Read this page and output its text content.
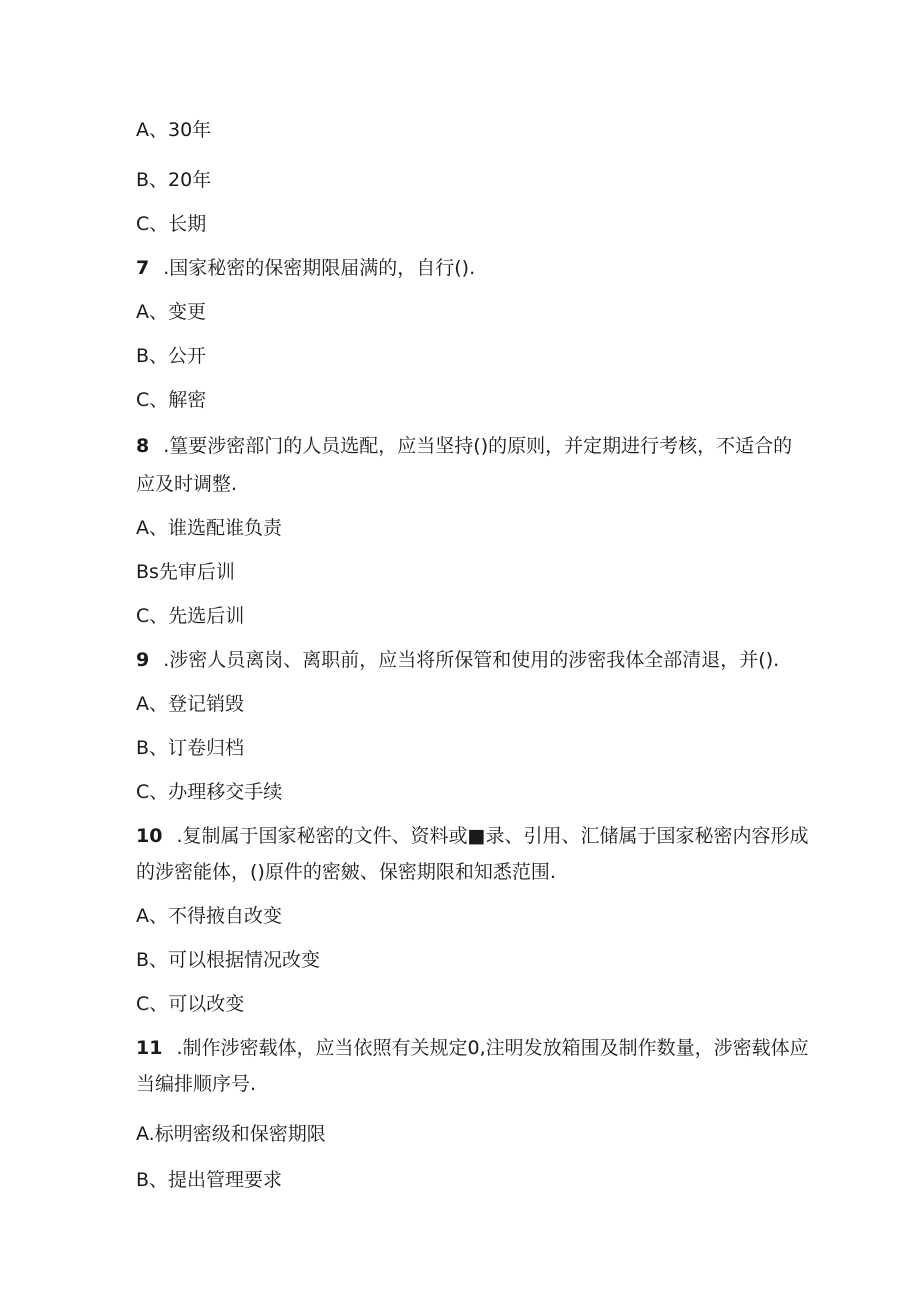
A、30年
B、20年
C、长期
7 .国家秘密的保密期限届满的，自行().
A、变更
B、公开
C、解密
8 .篁要涉密部门的人员选配，应当坚持()的原则，并定期进行考核，不适合的
应及时调整.
A、谁选配谁负责
Bs先审后训
C、先选后训
9 .涉密人员离岗、离职前，应当将所保管和使用的涉密我体全部清退，并().
A、登记销毁
B、订卷归档
C、办理移交手续
10 .复制属于国家秘密的文件、资料或■录、引用、汇储属于国家秘密内容形成
的涉密能体，()原件的密皴、保密期限和知悉范围.
A、不得掖自改变
B、可以根据情况改变
C、可以改变
11 .制作涉密载体，应当依照有关规定0,注明发放箱围及制作数量，涉密载体应
当编排顺序号.
A.标明密级和保密期限
B、提出管理要求
